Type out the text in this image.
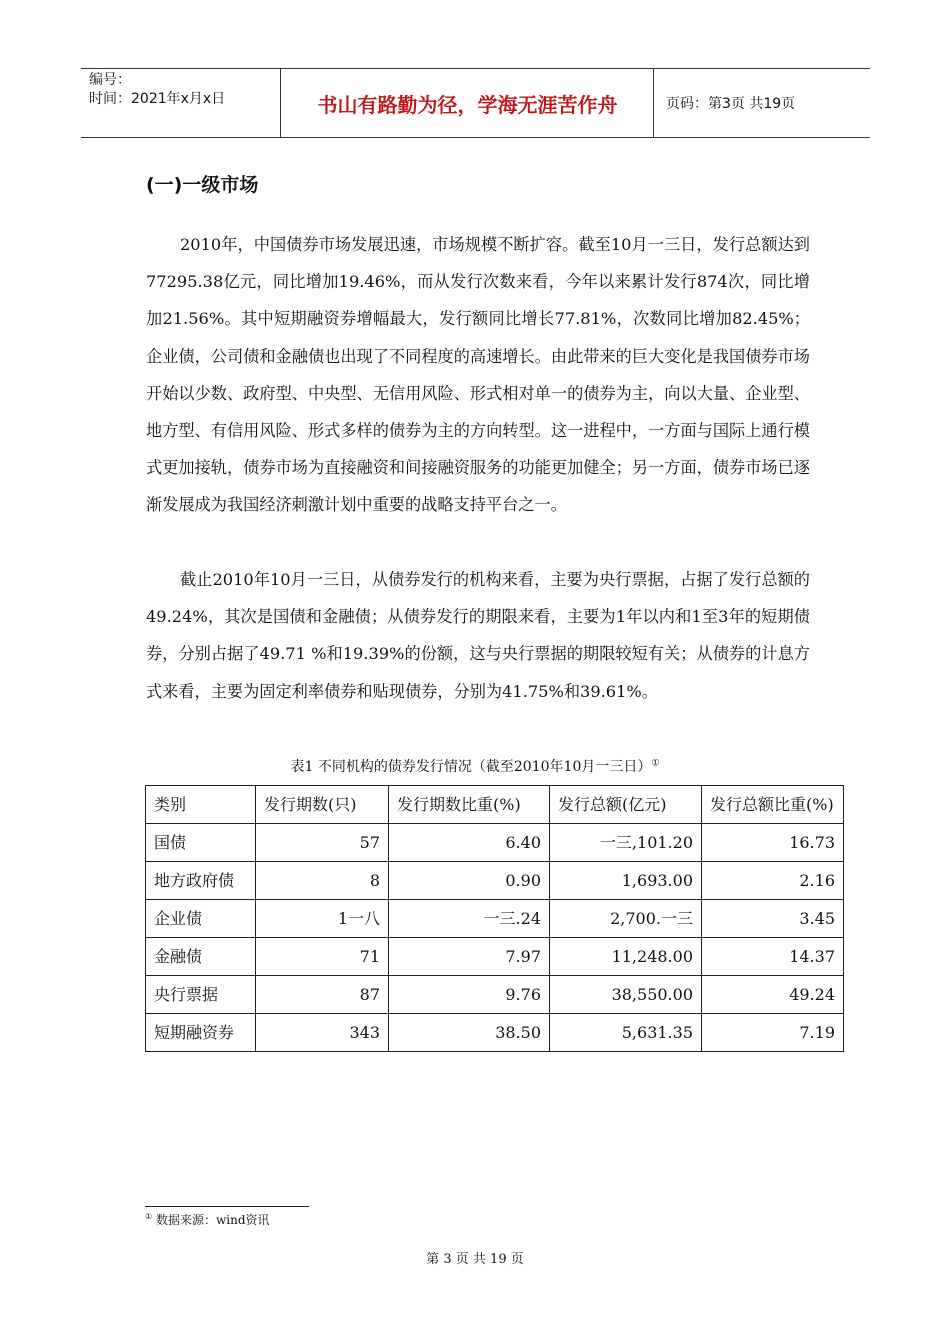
编号：
时间：2021年x月x日	书山有路勤为径，学海无涯苦作舟	页码：第3页 共19页
(一)一级市场
2010年，中国债券市场发展迅速，市场规模不断扩容。截至10月一三日，发行总额达到77295.38亿元，同比增加19.46%，而从发行次数来看，今年以来累计发行874次，同比增加21.56%。其中短期融资券增幅最大，发行额同比增长77.81%，次数同比增加82.45%；企业债，公司债和金融债也出现了不同程度的高速增长。由此带来的巨大变化是我国债券市场开始以少数、政府型、中央型、无信用风险、形式相对单一的债券为主，向以大量、企业型、地方型、有信用风险、形式多样的债券为主的方向转型。这一进程中，一方面与国际上通行模式更加接轨，债券市场为直接融资和间接融资服务的功能更加健全；另一方面，债券市场已逐渐发展成为我国经济刺激计划中重要的战略支持平台之一。
截止2010年10月一三日，从债券发行的机构来看，主要为央行票据，占据了发行总额的49.24%，其次是国债和金融债；从债券发行的期限来看，主要为1年以内和1至3年的短期债券，分别占据了49.71 %和19.39%的份额，这与央行票据的期限较短有关；从债券的计息方式来看，主要为固定利率债券和贴现债券，分别为41.75%和39.61%。
表1 不同机构的债券发行情况（截至2010年10月一三日）①
类别	发行期数(只)	发行期数比重(%)	发行总额(亿元)	发行总额比重(%)
国债	57	6.40	一三,101.20	16.73
地方政府债	8	0.90	1,693.00	2.16
企业债	1一八	一三.24	2,700.一三	3.45
金融债	71	7.97	11,248.00	14.37
央行票据	87	9.76	38,550.00	49.24
短期融资券	343	38.50	5,631.35	7.19
① 数据来源：wind资讯
第 3 页 共 19 页
